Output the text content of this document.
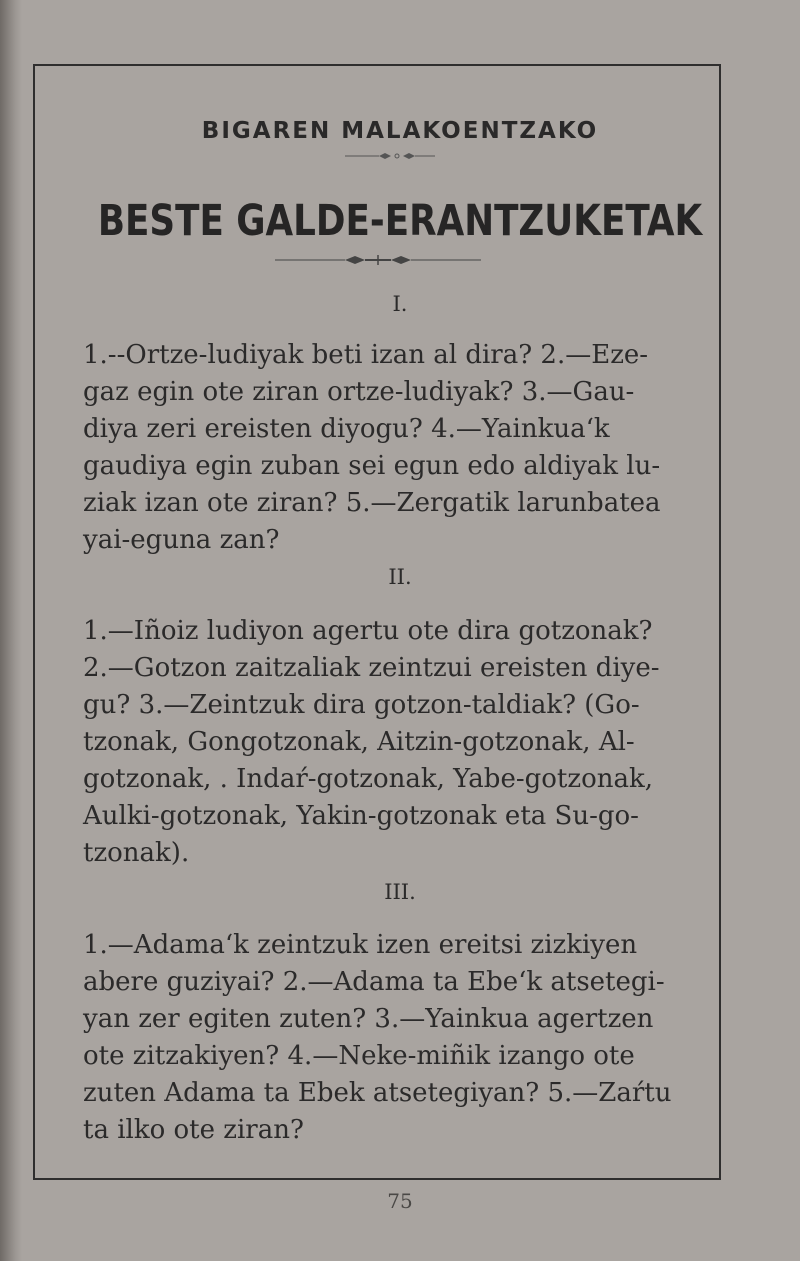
BIGAREN MALAKOENTZAKO
BESTE GALDE-ERANTZUKETAK
I.
1.--Ortze-ludiyak beti izan al dira? 2.—Eze-
gaz egin ote ziran ortze-ludiyak? 3.—Gau-
diya zeri ereisten diyogu? 4.—Yainkua‘k
gaudiya egin zuban sei egun edo aldiyak lu-
ziak izan ote ziran? 5.—Zergatik larunbatea
yai-eguna zan?
II.
1.—Iñoiz ludiyon agertu ote dira gotzonak?
2.—Gotzon zaitzaliak zeintzui ereisten diye-
gu? 3.—Zeintzuk dira gotzon-taldiak? (Go-
tzonak, Gongotzonak, Aitzin-gotzonak, Al-
gotzonak, . Indaŕ-gotzonak, Yabe-gotzonak,
Aulki-gotzonak, Yakin-gotzonak eta Su-go-
tzonak).
III.
1.—Adama‘k zeintzuk izen ereitsi zizkiyen
abere guziyai? 2.—Adama ta Ebe‘k atsetegi-
yan zer egiten zuten? 3.—Yainkua agertzen
ote zitzakiyen? 4.—Neke-miñik izango ote
zuten Adama ta Ebek atsetegiyan? 5.—Zaŕtu
ta ilko ote ziran?
75
